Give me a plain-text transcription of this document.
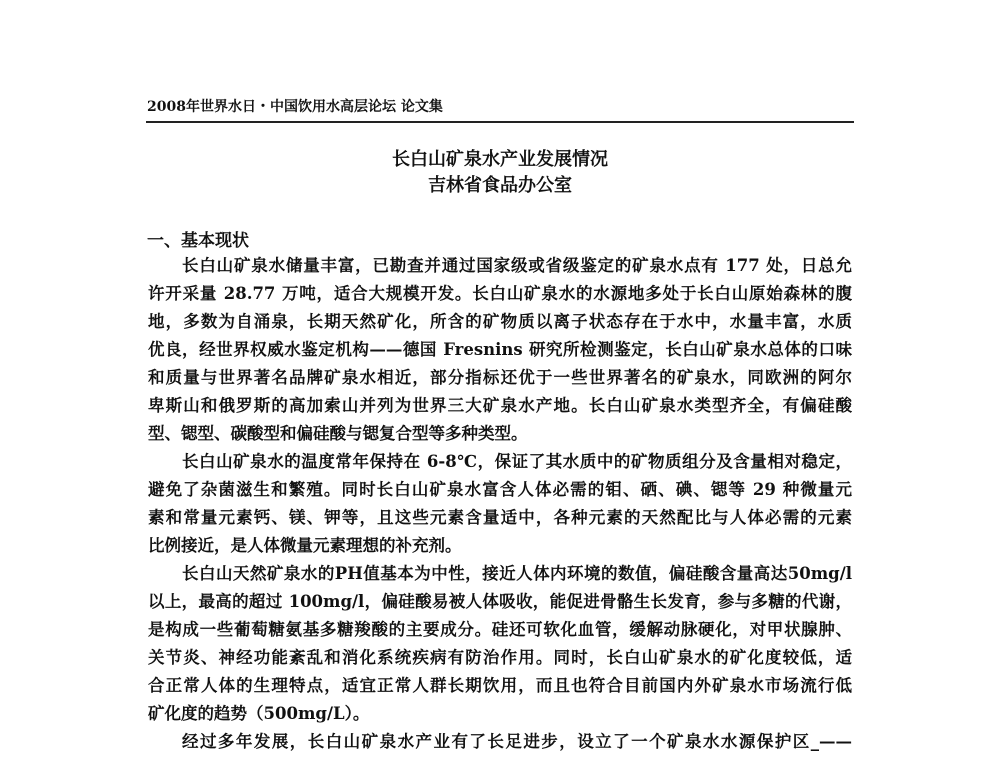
2008年世界水日・中国饮用水高层论坛 论文集
长白山矿泉水产业发展情况
吉林省食品办公室
一、基本现状
长白山矿泉水储量丰富，已勘查并通过国家级或省级鉴定的矿泉水点有 177 处，日总允
许开采量 28.77 万吨，适合大规模开发。长白山矿泉水的水源地多处于长白山原始森林的腹
地，多数为自涌泉，长期天然矿化，所含的矿物质以离子状态存在于水中，水量丰富，水质
优良，经世界权威水鉴定机构——德国 Fresnins 研究所检测鉴定，长白山矿泉水总体的口味
和质量与世界著名品牌矿泉水相近，部分指标还优于一些世界著名的矿泉水，同欧洲的阿尔
卑斯山和俄罗斯的高加索山并列为世界三大矿泉水产地。长白山矿泉水类型齐全，有偏硅酸
型、锶型、碳酸型和偏硅酸与锶复合型等多种类型。
长白山矿泉水的温度常年保持在 6-8℃，保证了其水质中的矿物质组分及含量相对稳定，
避免了杂菌滋生和繁殖。同时长白山矿泉水富含人体必需的钼、硒、碘、锶等 29 种微量元
素和常量元素钙、镁、钾等，且这些元素含量适中，各种元素的天然配比与人体必需的元素
比例接近，是人体微量元素理想的补充剂。
长白山天然矿泉水的PH值基本为中性，接近人体内环境的数值，偏硅酸含量高达50mg/l
以上，最高的超过 100mg/l，偏硅酸易被人体吸收，能促进骨骼生长发育，参与多糖的代谢，
是构成一些葡萄糖氨基多糖羧酸的主要成分。硅还可软化血管，缓解动脉硬化，对甲状腺肿、
关节炎、神经功能紊乱和消化系统疾病有防治作用。同时，长白山矿泉水的矿化度较低，适
合正常人体的生理特点，适宜正常人群长期饮用，而且也符合目前国内外矿泉水市场流行低
矿化度的趋势（500mg/L）。
经过多年发展，长白山矿泉水产业有了长足进步，设立了一个矿泉水水源保护区_——
